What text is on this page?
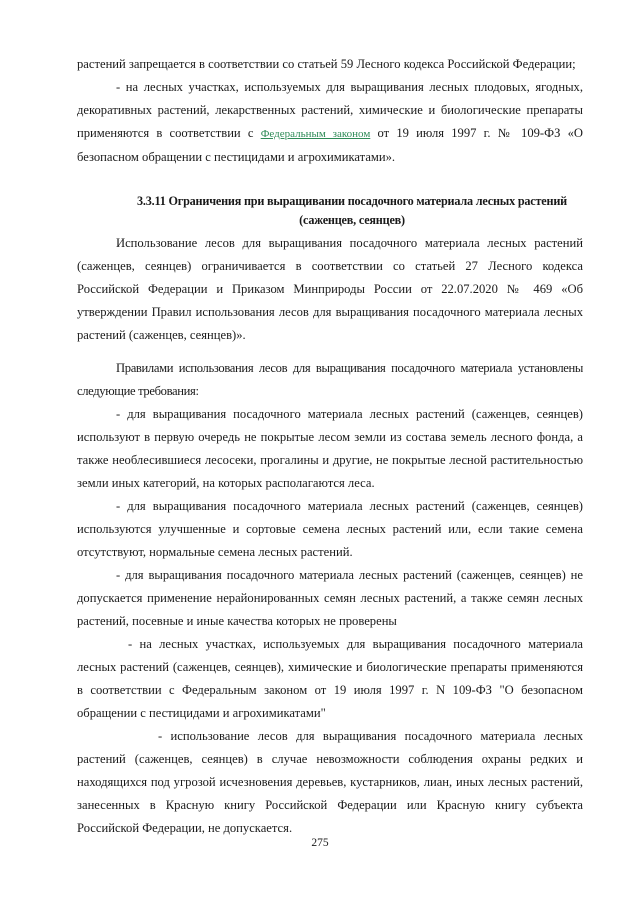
растений запрещается в соответствии со статьей 59 Лесного кодекса Российской Федерации;

- на лесных участках, используемых для выращивания лесных плодовых, ягодных, декоративных растений, лекарственных растений, химические и биологические препараты применяются в соответствии с Федеральным законом от 19 июля 1997 г. № 109-ФЗ «О безопасном обращении с пестицидами и агрохимикатами».

3.3.11 Ограничения при выращивании посадочного материала лесных растений
(саженцев, сеянцев)

Использование лесов для выращивания посадочного материала лесных растений (саженцев, сеянцев) ограничивается в соответствии со статьей 27 Лесного кодекса Российской Федерации и Приказом Минприроды России от 22.07.2020 № 469 «Об утверждении Правил использования лесов для выращивания посадочного материала лесных растений (саженцев, сеянцев)».

Правилами использования лесов для выращивания посадочного материала установлены следующие требования:

- для выращивания посадочного материала лесных растений (саженцев, сеянцев) используют в первую очередь не покрытые лесом земли из состава земель лесного фонда, а также необлесившиеся лесосеки, прогалины и другие, не покрытые лесной растительностью земли иных категорий, на которых располагаются леса.

- для выращивания посадочного материала лесных растений (саженцев, сеянцев) используются улучшенные и сортовые семена лесных растений или, если такие семена отсутствуют, нормальные семена лесных растений.

- для выращивания посадочного материала лесных растений (саженцев, сеянцев) не допускается применение нерайонированных семян лесных растений, а также семян лесных растений, посевные и иные качества которых не проверены

- на лесных участках, используемых для выращивания посадочного материала лесных растений (саженцев, сеянцев), химические и биологические препараты применяются в соответствии с Федеральным законом от 19 июля 1997 г. N 109-ФЗ "О безопасном обращении с пестицидами и агрохимикатами"

- использование лесов для выращивания посадочного материала лесных растений (саженцев, сеянцев) в случае невозможности соблюдения охраны редких и находящихся под угрозой исчезновения деревьев, кустарников, лиан, иных лесных растений, занесенных в Красную книгу Российской Федерации или Красную книгу субъекта Российской Федерации, не допускается.

275
